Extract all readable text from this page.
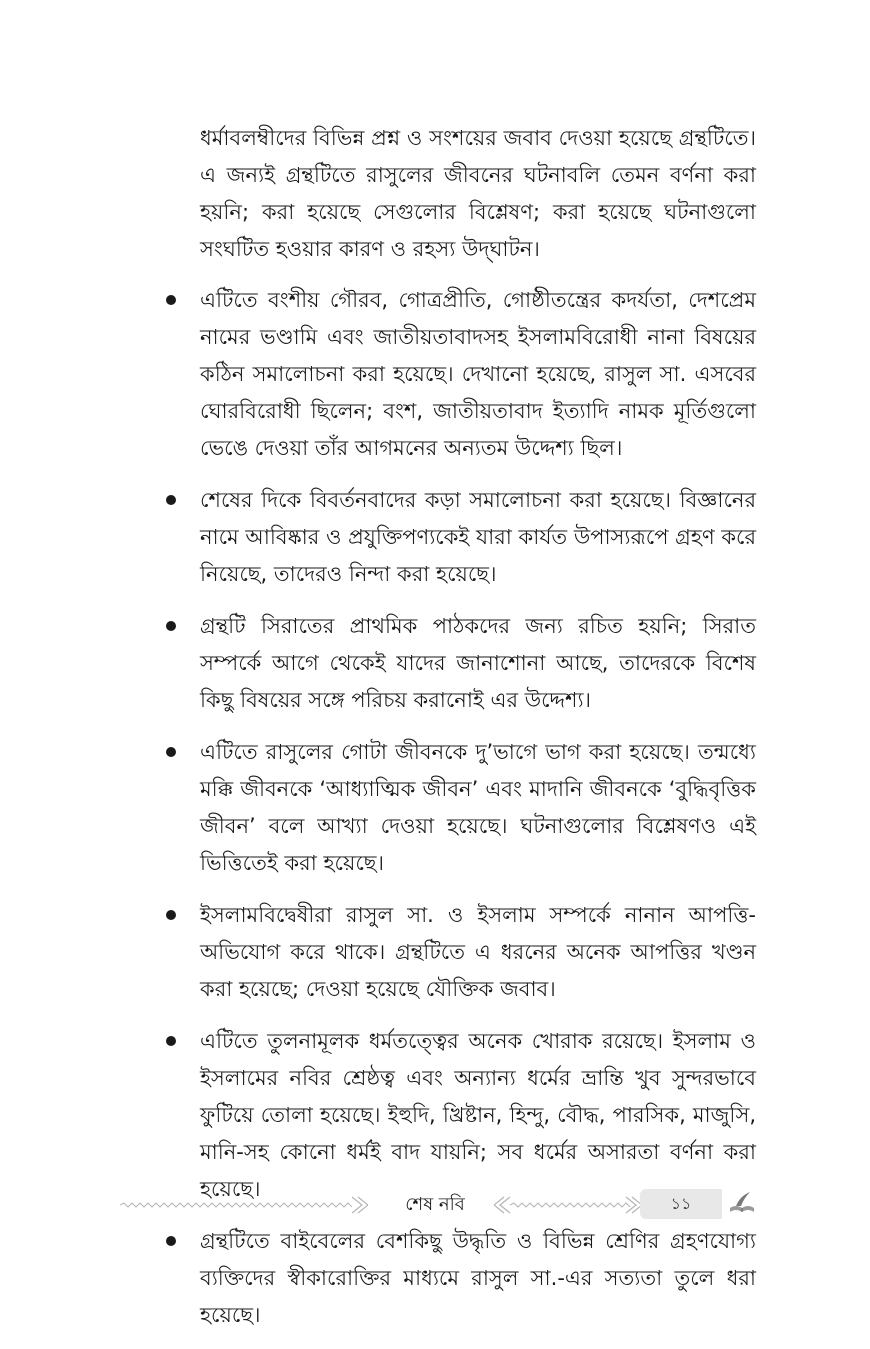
ধর্মাবলম্বীদের বিভিন্ন প্রশ্ন ও সংশয়ের জবাব দেওয়া হয়েছে গ্রন্থটিতে। এ জন্যই গ্রন্থটিতে রাসুলের জীবনের ঘটনাবলি তেমন বর্ণনা করা হয়নি; করা হয়েছে সেগুলোর বিশ্লেষণ; করা হয়েছে ঘটনাগুলো সংঘটিত হওয়ার কারণ ও রহস্য উদ্‌ঘাটন।

এটিতে বংশীয় গৌরব, গোত্রপ্রীতি, গোষ্ঠীতন্ত্রের কদর্যতা, দেশপ্রেম নামের ভণ্ডামি এবং জাতীয়তাবাদসহ ইসলামবিরোধী নানা বিষয়ের কঠিন সমালোচনা করা হয়েছে। দেখানো হয়েছে, রাসুল সা. এসবের ঘোরবিরোধী ছিলেন; বংশ, জাতীয়তাবাদ ইত্যাদি নামক মূর্তিগুলো ভেঙে দেওয়া তাঁর আগমনের অন্যতম উদ্দেশ্য ছিল।
শেষের দিকে বিবর্তনবাদের কড়া সমালোচনা করা হয়েছে। বিজ্ঞানের নামে আবিষ্কার ও প্রযুক্তিপণ্যকেই যারা কার্যত উপাস্যরূপে গ্রহণ করে নিয়েছে, তাদেরও নিন্দা করা হয়েছে।
গ্রন্থটি সিরাতের প্রাথমিক পাঠকদের জন্য রচিত হয়নি; সিরাত সম্পর্কে আগে থেকেই যাদের জানাশোনা আছে, তাদেরকে বিশেষ কিছু বিষয়ের সঙ্গে পরিচয় করানোই এর উদ্দেশ্য।
এটিতে রাসুলের গোটা জীবনকে দু’ভাগে ভাগ করা হয়েছে। তন্মধ্যে মক্কি জীবনকে ‘আধ্যাত্মিক জীবন’ এবং মাদানি জীবনকে ‘বুদ্ধিবৃত্তিক জীবন’ বলে আখ্যা দেওয়া হয়েছে। ঘটনাগুলোর বিশ্লেষণও এই ভিত্তিতেই করা হয়েছে।
ইসলামবিদ্বেষীরা রাসুল সা. ও ইসলাম সম্পর্কে নানান আপত্তি- অভিযোগ করে থাকে। গ্রন্থটিতে এ ধরনের অনেক আপত্তির খণ্ডন করা হয়েছে; দেওয়া হয়েছে যৌক্তিক জবাব।
এটিতে তুলনামূলক ধর্মতত্ত্বের অনেক খোরাক রয়েছে। ইসলাম ও ইসলামের নবির শ্রেষ্ঠত্ব এবং অন্যান্য ধর্মের ভ্রান্তি খুব সুন্দরভাবে ফুটিয়ে তোলা হয়েছে। ইহুদি, খ্রিষ্টান, হিন্দু, বৌদ্ধ, পারসিক, মাজুসি, মানি-সহ কোনো ধর্মই বাদ যায়নি; সব ধর্মের অসারতা বর্ণনা করা হয়েছে।
গ্রন্থটিতে বাইবেলের বেশকিছু উদ্ধৃতি ও বিভিন্ন শ্রেণির গ্রহণযোগ্য ব্যক্তিদের স্বীকারোক্তির মাধ্যমে রাসুল সা.-এর সত্যতা তুলে ধরা হয়েছে।
শেষ নবি	১১
